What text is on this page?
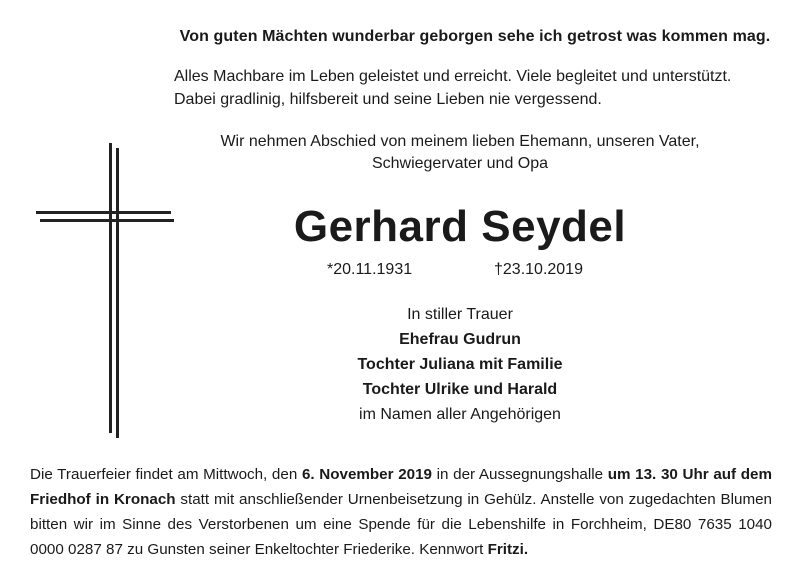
Von guten Mächten wunderbar geborgen sehe ich getrost was kommen mag.
Alles Machbare im Leben geleistet und erreicht. Viele begleitet und unterstützt.
Dabei gradlinig, hilfsbereit und seine Lieben nie vergessend.
Wir nehmen Abschied von meinem lieben Ehemann, unseren Vater,
Schwiegervater und Opa
Gerhard Seydel
*20.11.1931	†23.10.2019
In stiller Trauer
Ehefrau Gudrun
Tochter Juliana mit Familie
Tochter Ulrike und Harald
im Namen aller Angehörigen
Die Trauerfeier findet am Mittwoch, den 6. November 2019 in der Aussegnungshalle um 13. 30 Uhr auf dem Friedhof in Kronach statt mit anschließender Urnenbeisetzung in Gehülz. Anstelle von zugedachten Blumen bitten wir im Sinne des Verstorbenen um eine Spende für die Lebenshilfe in Forchheim, DE80 7635 1040 0000 0287 87 zu Gunsten seiner Enkeltochter Friederike. Kennwort Fritzi.
